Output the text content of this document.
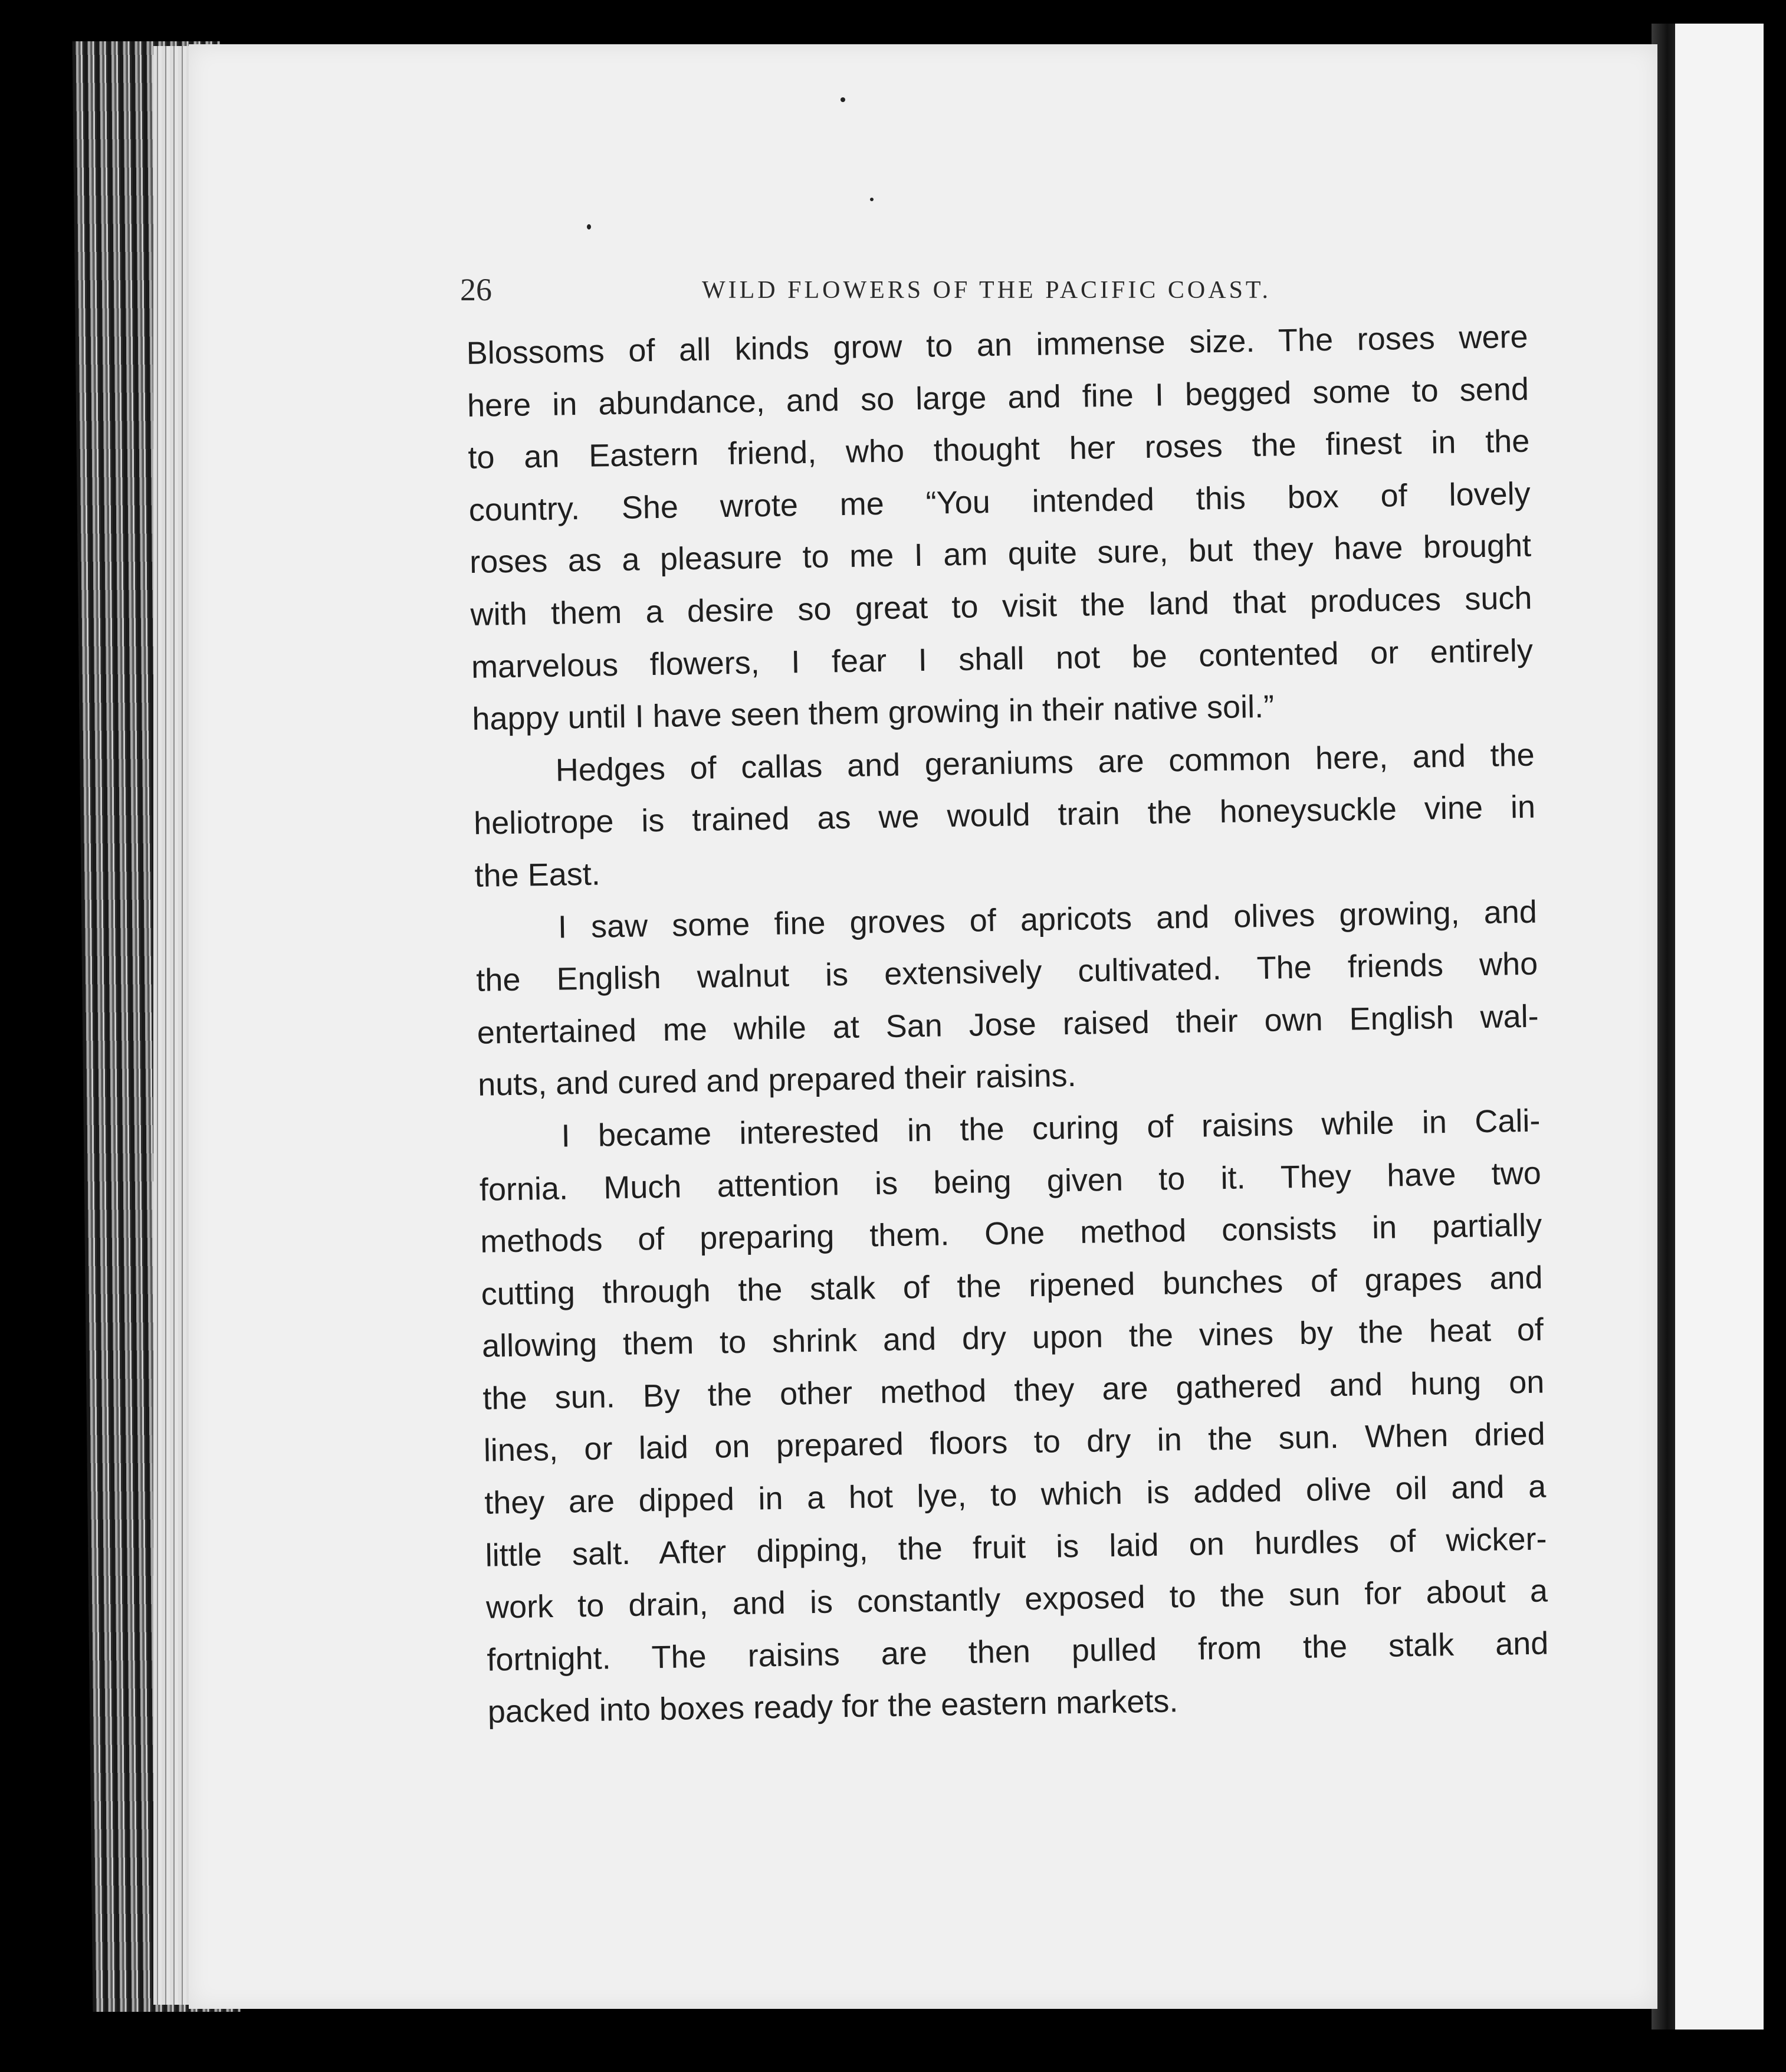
26	WILD FLOWERS OF THE PACIFIC COAST.
Blossoms of all kinds grow to an immense size. The roses were
here in abundance, and so large and fine I begged some to send
to an Eastern friend, who thought her roses the finest in the
country. She wrote me “You intended this box of lovely
roses as a pleasure to me I am quite sure, but they have brought
with them a desire so great to visit the land that produces such
marvelous flowers, I fear I shall not be contented or entirely
happy until I have seen them growing in their native soil.”
Hedges of callas and geraniums are common here, and the
heliotrope is trained as we would train the honeysuckle vine in
the East.
I saw some fine groves of apricots and olives growing, and
the English walnut is extensively cultivated. The friends who
entertained me while at San Jose raised their own English wal-
nuts, and cured and prepared their raisins.
I became interested in the curing of raisins while in Cali-
fornia. Much attention is being given to it. They have two
methods of preparing them. One method consists in partially
cutting through the stalk of the ripened bunches of grapes and
allowing them to shrink and dry upon the vines by the heat of
the sun. By the other method they are gathered and hung on
lines, or laid on prepared floors to dry in the sun. When dried
they are dipped in a hot lye, to which is added olive oil and a
little salt. After dipping, the fruit is laid on hurdles of wicker-
work to drain, and is constantly exposed to the sun for about a
fortnight. The raisins are then pulled from the stalk and
packed into boxes ready for the eastern markets.
